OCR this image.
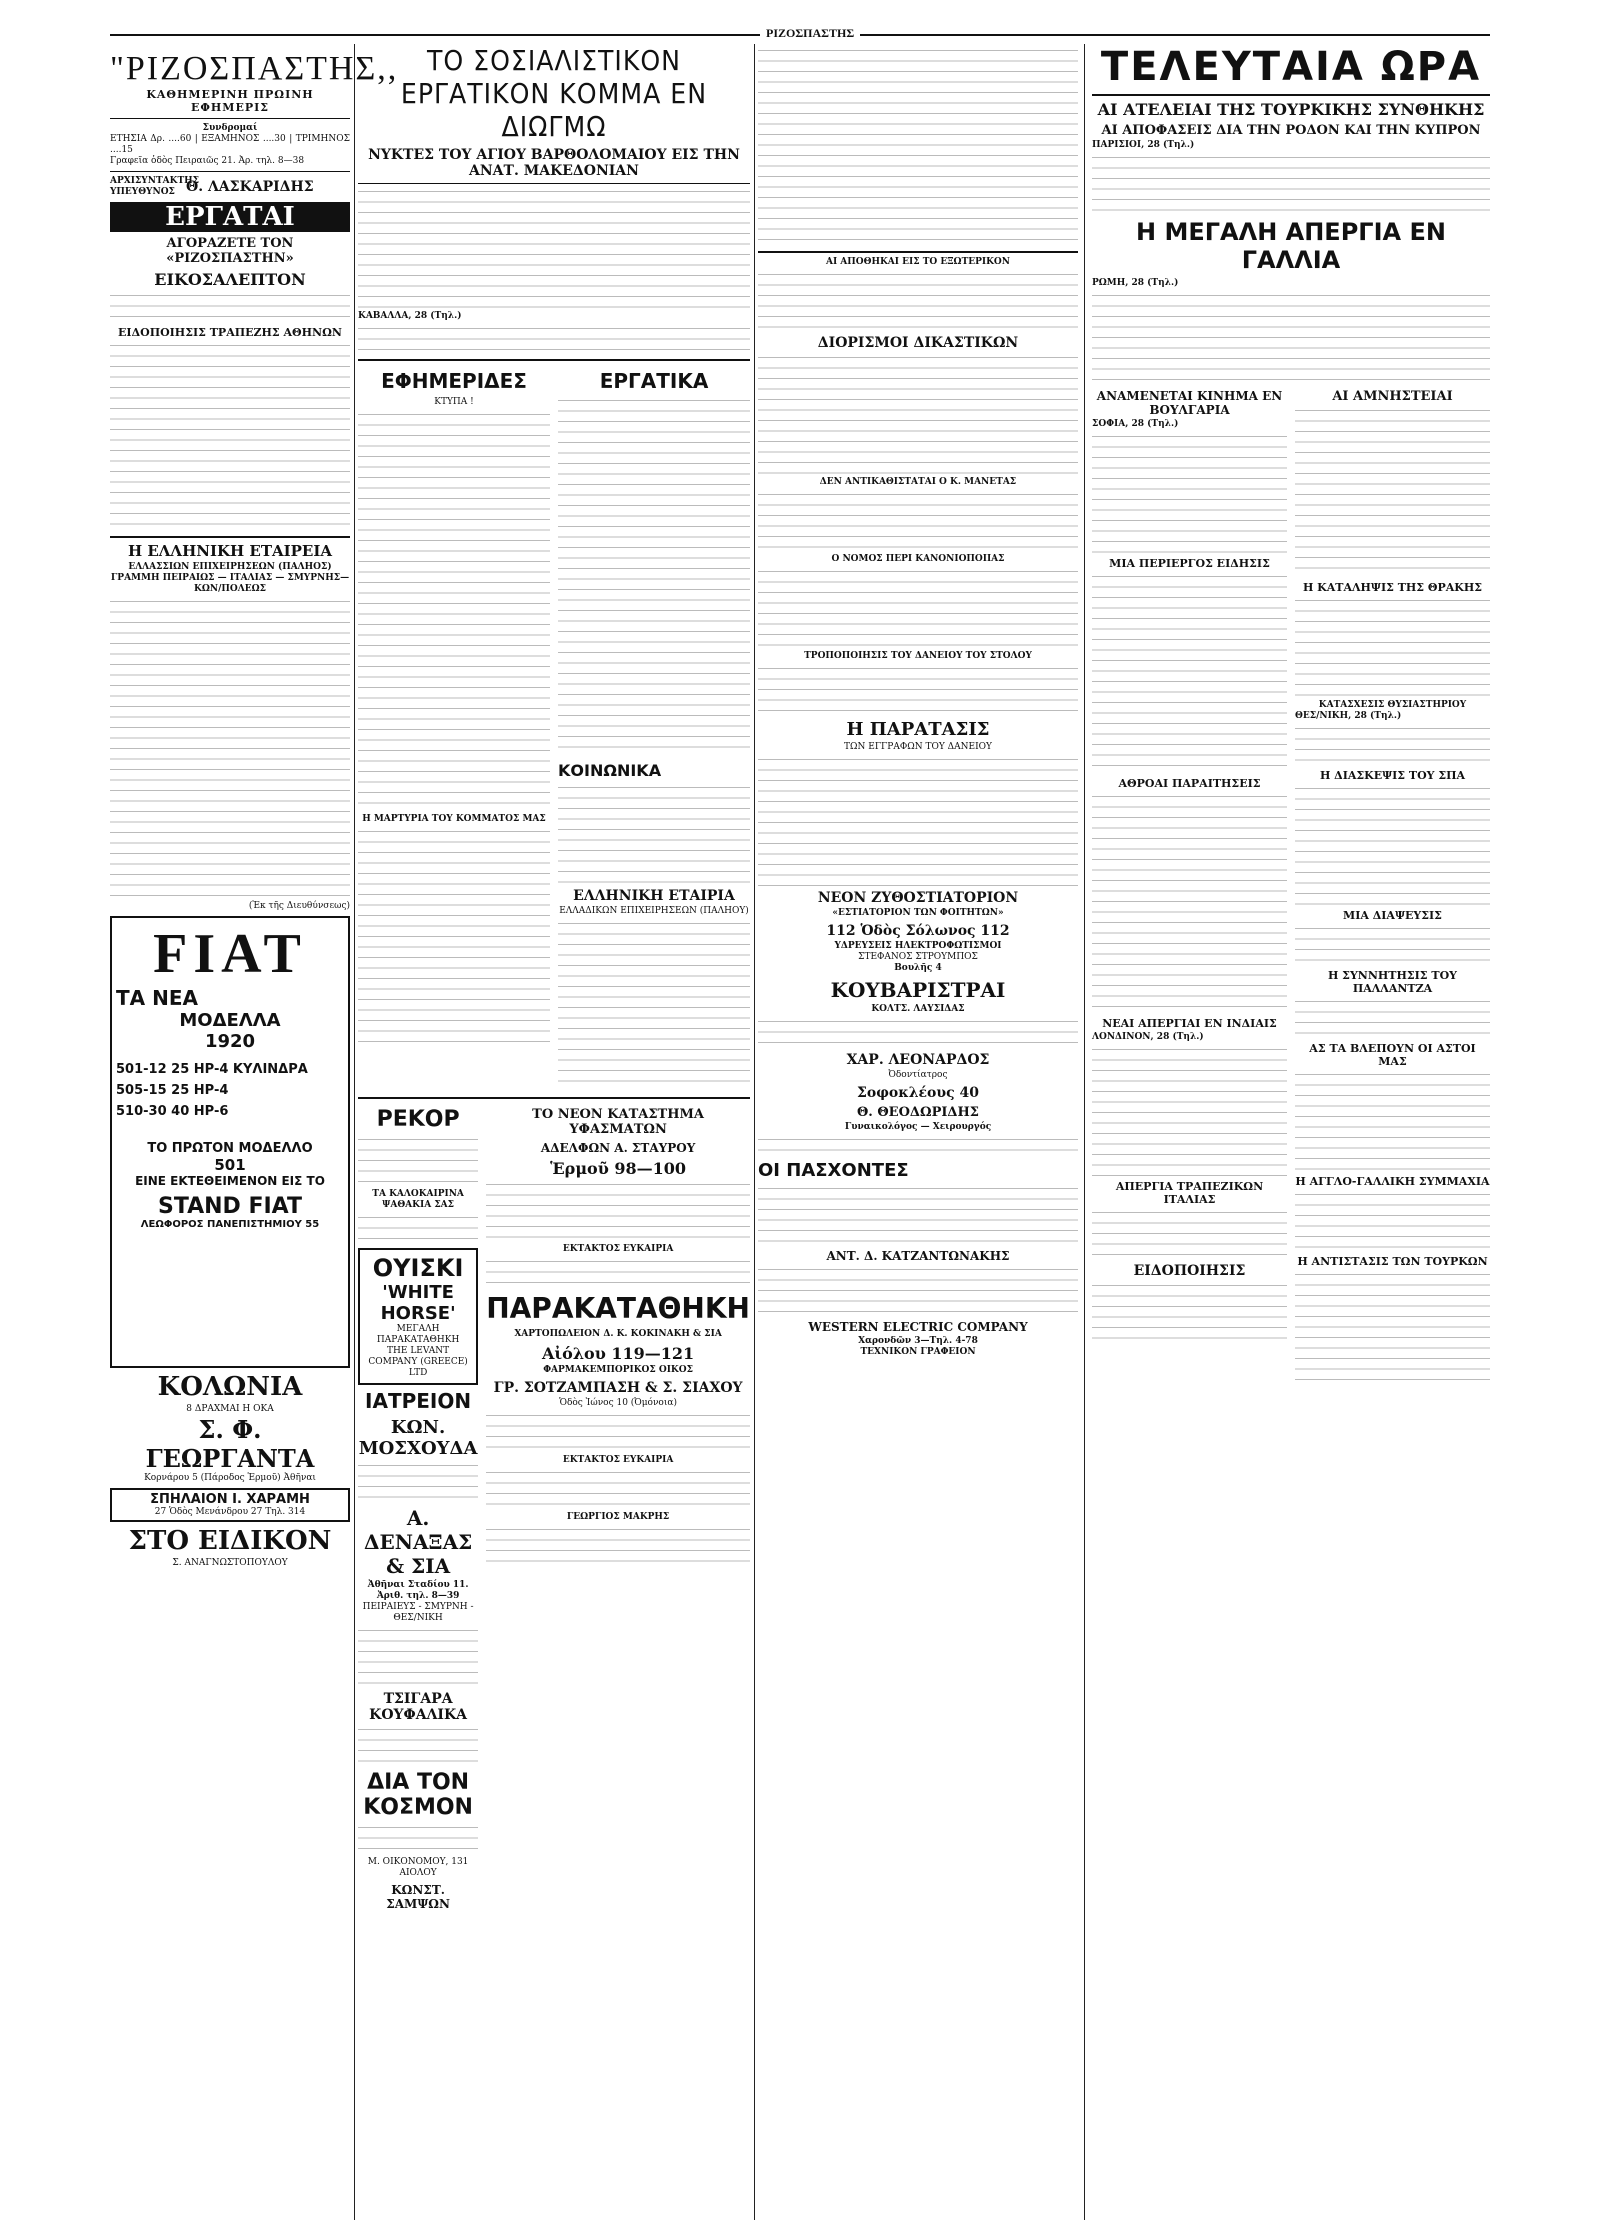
ΡΙΖΟΣΠΑΣΤΗΣ
"ΡΙΖΟΣΠΑΣΤΗΣ,,
ΚΑΘΗΜΕΡΙΝΗ ΠΡΩΙΝΗ ΕΦΗΜΕΡΙΣ
Συνδρομαί
ΕΤΗΣΙΑ Δρ. ....60 | ΕΞΑΜΗΝΟΣ ....30 | ΤΡΙΜΗΝΟΣ ....15
Γραφεῖα ὁδὸς Πειραιῶς 21. Ἀρ. τηλ. 8—38
ΑΡΧΙΣΥΝΤΑΚΤΗΣ ΥΠΕΥΘΥΝΟΣ Θ. ΛΑΣΚΑΡΙΔΗΣ
ΕΡΓΑΤΑΙ
ΑΓΟΡΑΖΕΤΕ ΤΟΝ «ΡΙΖΟΣΠΑΣΤΗΝ»
ΕΙΚΟΣΑΛΕΠΤΟΝ
ΕΙΔΟΠΟΙΗΣΙΣ ΤΡΑΠΕΖΗΣ ΑΘΗΝΩΝ
Η ΕΛΛΗΝΙΚΗ ΕΤΑΙΡΕΙΑ
ΕΛΛΑΣΣΙΩΝ ΕΠΙΧΕΙΡΗΣΕΩΝ (ΠΑΛΗΟΣ)
ΓΡΑΜΜΗ ΠΕΙΡΑΙΩΣ — ΙΤΑΛΙΑΣ — ΣΜΥΡΝΗΣ—ΚΩΝ/ΠΟΛΕΩΣ
(Ἐκ τῆς Διευθύνσεως)
FIAT
ΤΑ ΝΕΑ
ΜΟΔΕΛΛΑ
1920
501-12 25 HP-4 ΚΥΛΙΝΔΡΑ
505-15 25 HP-4
510-30 40 HP-6
ΤΟ ΠΡΩΤΟΝ ΜΟΔΕΛΛΟ
501
ΕΙΝΕ ΕΚΤΕΘΕΙΜΕΝΟΝ ΕΙΣ ΤΟ
STAND FIAT
ΛΕΩΦΟΡΟΣ ΠΑΝΕΠΙΣΤΗΜΙΟΥ 55
ΚΟΛΩΝΙΑ
8 ΔΡΑΧΜΑΙ Η ΟΚΑ
Σ. Φ. ΓΕΩΡΓΑΝΤΑ
Κορνάρου 5 (Πάροδος Ἑρμοῦ) Ἀθῆναι
ΣΠΗΛΑΙΟΝ Ι. ΧΑΡΑΜΗ
27 Ὁδὸς Μενάνδρου 27 Τηλ. 314
ΣΤΟ ΕΙΔΙΚΟΝ
Σ. ΑΝΑΓΝΩΣΤΟΠΟΥΛΟΥ
ΤΟ ΣΟΣΙΑΛΙΣΤΙΚΟΝ ΕΡΓΑΤΙΚΟΝ ΚΟΜΜΑ ΕΝ ΔΙΩΓΜΩ
ΝΥΚΤΕΣ ΤΟΥ ΑΓΙΟΥ ΒΑΡΘΟΛΟΜΑΙΟΥ ΕΙΣ ΤΗΝ ΑΝΑΤ. ΜΑΚΕΔΟΝΙΑΝ
ΚΑΒΑΛΛΑ, 28 (Τηλ.)
ΕΦΗΜΕΡΙΔΕΣ
ΚΤΥΠΑ !
Η ΜΑΡΤΥΡΙΑ ΤΟΥ ΚΟΜΜΑΤΟΣ ΜΑΣ
ΕΡΓΑΤΙΚΑ
ΚΟΙΝΩΝΙΚΑ
ΕΛΛΗΝΙΚΗ ΕΤΑΙΡΙΑ
ΕΛΛΑΔΙΚΩΝ ΕΠΙΧΕΙΡΗΣΕΩΝ (ΠΑΛΗΟΥ)
ΡΕΚΟΡ
ΤΑ ΚΑΛΟΚΑΙΡΙΝΑ ΨΑΘΑΚΙΑ ΣΑΣ
ΟΥΙΣΚΙ
'WHITE HORSE'
ΜΕΓΑΛΗ ΠΑΡΑΚΑΤΑΘΗΚΗ
THE LEVANT COMPANY (GREECE) LTD
ΙΑΤΡΕΙΟΝ
ΚΩΝ. ΜΟΣΧΟΥΔΑ
Α. ΔΕΝΑΞΑΣ & ΣΙΑ
Ἀθῆναι Σταδίου 11. Ἀριθ. τηλ. 8—39
ΠΕΙΡΑΙΕΥΣ - ΣΜΥΡΝΗ - ΘΕΣ/ΝΙΚΗ
ΤΣΙΓΑΡΑ ΚΟΥΦΑΛΙΚΑ
ΔΙΑ ΤΟΝ ΚΟΣΜΟΝ
Μ. ΟΙΚΟΝΟΜΟΥ, 131 ΑΙΟΛΟΥ
ΚΩΝΣΤ. ΣΑΜΨΩΝ
ΤΟ ΝΕΟΝ ΚΑΤΑΣΤΗΜΑ ΥΦΑΣΜΑΤΩΝ
ΑΔΕΛΦΩΝ Α. ΣΤΑΥΡΟΥ
Ἑρμοῦ 98—100
ΕΚΤΑΚΤΟΣ ΕΥΚΑΙΡΙΑ
ΠΑΡΑΚΑΤΑΘΗΚΗ
ΧΑΡΤΟΠΩΛΕΙΟΝ Δ. Κ. ΚΟΚΙΝΑΚΗ & ΣΙΑ
Αἰόλου 119—121
ΦΑΡΜΑΚΕΜΠΟΡΙΚΟΣ ΟΙΚΟΣ
ΓΡ. ΣΟΤΖΑΜΠΑΣΗ & Σ. ΣΙΑΧΟΥ
Ὁδὸς Ἰώνος 10 (Ὀμόνοια)
ΕΚΤΑΚΤΟΣ ΕΥΚΑΙΡΙΑ
ΓΕΩΡΓΙΟΣ ΜΑΚΡΗΣ
ΑΙ ΑΠΟΘΗΚΑΙ ΕΙΣ ΤΟ ΕΞΩΤΕΡΙΚΟΝ
ΔΙΟΡΙΣΜΟΙ ΔΙΚΑΣΤΙΚΩΝ
ΔΕΝ ΑΝΤΙΚΑΘΙΣΤΑΤΑΙ Ο Κ. ΜΑΝΕΤΑΣ
Ο ΝΟΜΟΣ ΠΕΡΙ ΚΑΝΟΝΙΟΠΟΙΙΑΣ
ΤΡΟΠΟΠΟΙΗΣΙΣ ΤΟΥ ΔΑΝΕΙΟΥ ΤΟΥ ΣΤΟΛΟΥ
Η ΠΑΡΑΤΑΣΙΣ
ΤΩΝ ΕΓΓΡΑΦΩΝ ΤΟΥ ΔΑΝΕΙΟΥ
ΝΕΟΝ ΖΥΘΟΣΤΙΑΤΟΡΙΟΝ
«ΕΣΤΙΑΤΟΡΙΟΝ ΤΩΝ ΦΟΙΤΗΤΩΝ»
112 Ὁδὸς Σόλωνος 112
ΥΔΡΕΥΣΕΙΣ ΗΛΕΚΤΡΟΦΩΤΙΣΜΟΙ
ΣΤΕΦΑΝΟΣ ΣΤΡΟΥΜΠΟΣ
Βουλῆς 4
ΚΟΥΒΑΡΙΣΤΡΑΙ
ΚΟΛΤΣ. ΛΑΥΣΙΔΑΣ
ΧΑΡ. ΛΕΟΝΑΡΔΟΣ
Ὀδοντίατρος
Σοφοκλέους 40
Θ. ΘΕΟΔΩΡΙΔΗΣ
Γυναικολόγος — Χειρουργός
ΟΙ ΠΑΣΧΟΝΤΕΣ
ΑΝΤ. Δ. ΚΑΤΖΑΝΤΩΝΑΚΗΣ
WESTERN ELECTRIC COMPANY
Χαρονδῶν 3—Τηλ. 4-78
ΤΕΧΝΙΚΟΝ ΓΡΑΦΕΙΟΝ
ΤΕΛΕΥΤΑΙΑ ΩΡΑ
ΑΙ ΑΤΕΛΕΙΑΙ ΤΗΣ ΤΟΥΡΚΙΚΗΣ ΣΥΝΘΗΚΗΣ
ΑΙ ΑΠΟΦΑΣΕΙΣ ΔΙΑ ΤΗΝ ΡΟΔΟΝ ΚΑΙ ΤΗΝ ΚΥΠΡΟΝ
ΠΑΡΙΣΙΟΙ, 28 (Τηλ.)
Η ΜΕΓΑΛΗ ΑΠΕΡΓΙΑ ΕΝ ΓΑΛΛΙΑ
ΡΩΜΗ, 28 (Τηλ.)
ΑΝΑΜΕΝΕΤΑΙ ΚΙΝΗΜΑ ΕΝ ΒΟΥΛΓΑΡΙΑ
ΣΟΦΙΑ, 28 (Τηλ.)
ΜΙΑ ΠΕΡΙΕΡΓΟΣ ΕΙΔΗΣΙΣ
ΑΘΡΟΑΙ ΠΑΡΑΙΤΗΣΕΙΣ
ΝΕΑΙ ΑΠΕΡΓΙΑΙ ΕΝ ΙΝΔΙΑΙΣ
ΛΟΝΔΙΝΟΝ, 28 (Τηλ.)
ΑΠΕΡΓΙΑ ΤΡΑΠΕΖΙΚΩΝ ΙΤΑΛΙΑΣ
ΕΙΔΟΠΟΙΗΣΙΣ
ΑΙ ΑΜΝΗΣΤΕΙΑΙ
Η ΚΑΤΑΛΗΨΙΣ ΤΗΣ ΘΡΑΚΗΣ
ΚΑΤΑΣΧΕΣΙΣ ΘΥΣΙΑΣΤΗΡΙΟΥ
ΘΕΣ/ΝΙΚΗ, 28 (Τηλ.)
Η ΔΙΑΣΚΕΨΙΣ ΤΟΥ ΣΠΑ
ΜΙΑ ΔΙΑΨΕΥΣΙΣ
Η ΣΥΝΝΗΤΗΣΙΣ ΤΟΥ ΠΑΛΛΑΝΤΖΑ
ΑΣ ΤΑ ΒΛΕΠΟΥΝ ΟΙ ΑΣΤΟΙ ΜΑΣ
Η ΑΓΓΛΟ-ΓΑΛΛΙΚΗ ΣΥΜΜΑΧΙΑ
Η ΑΝΤΙΣΤΑΣΙΣ ΤΩΝ ΤΟΥΡΚΩΝ
